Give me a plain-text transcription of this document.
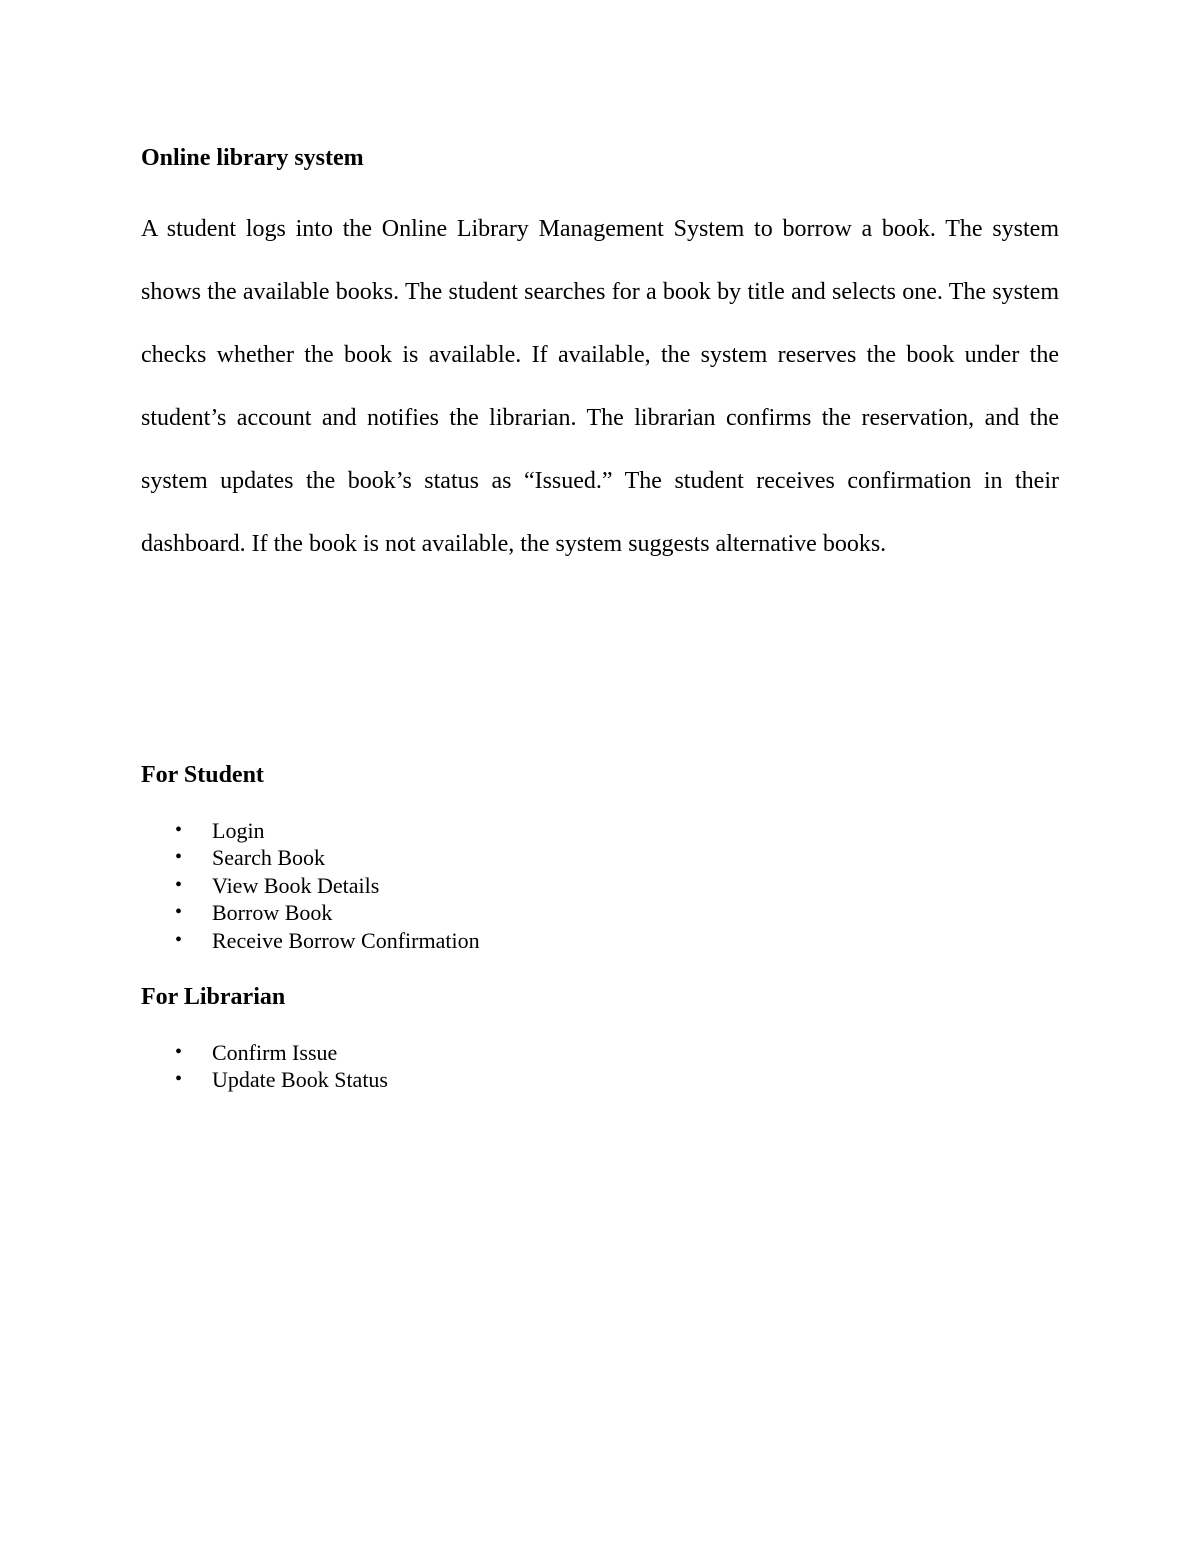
Online library system

A student logs into the Online Library Management System to borrow a book. The system shows the available books. The student searches for a book by title and selects one. The system checks whether the book is available. If available, the system reserves the book under the student’s account and notifies the librarian. The librarian confirms the reservation, and the system updates the book’s status as “Issued.” The student receives confirmation in their dashboard. If the book is not available, the system suggests alternative books.

For Student
• Login
• Search Book
• View Book Details
• Borrow Book
• Receive Borrow Confirmation
For Librarian
• Confirm Issue
• Update Book Status
